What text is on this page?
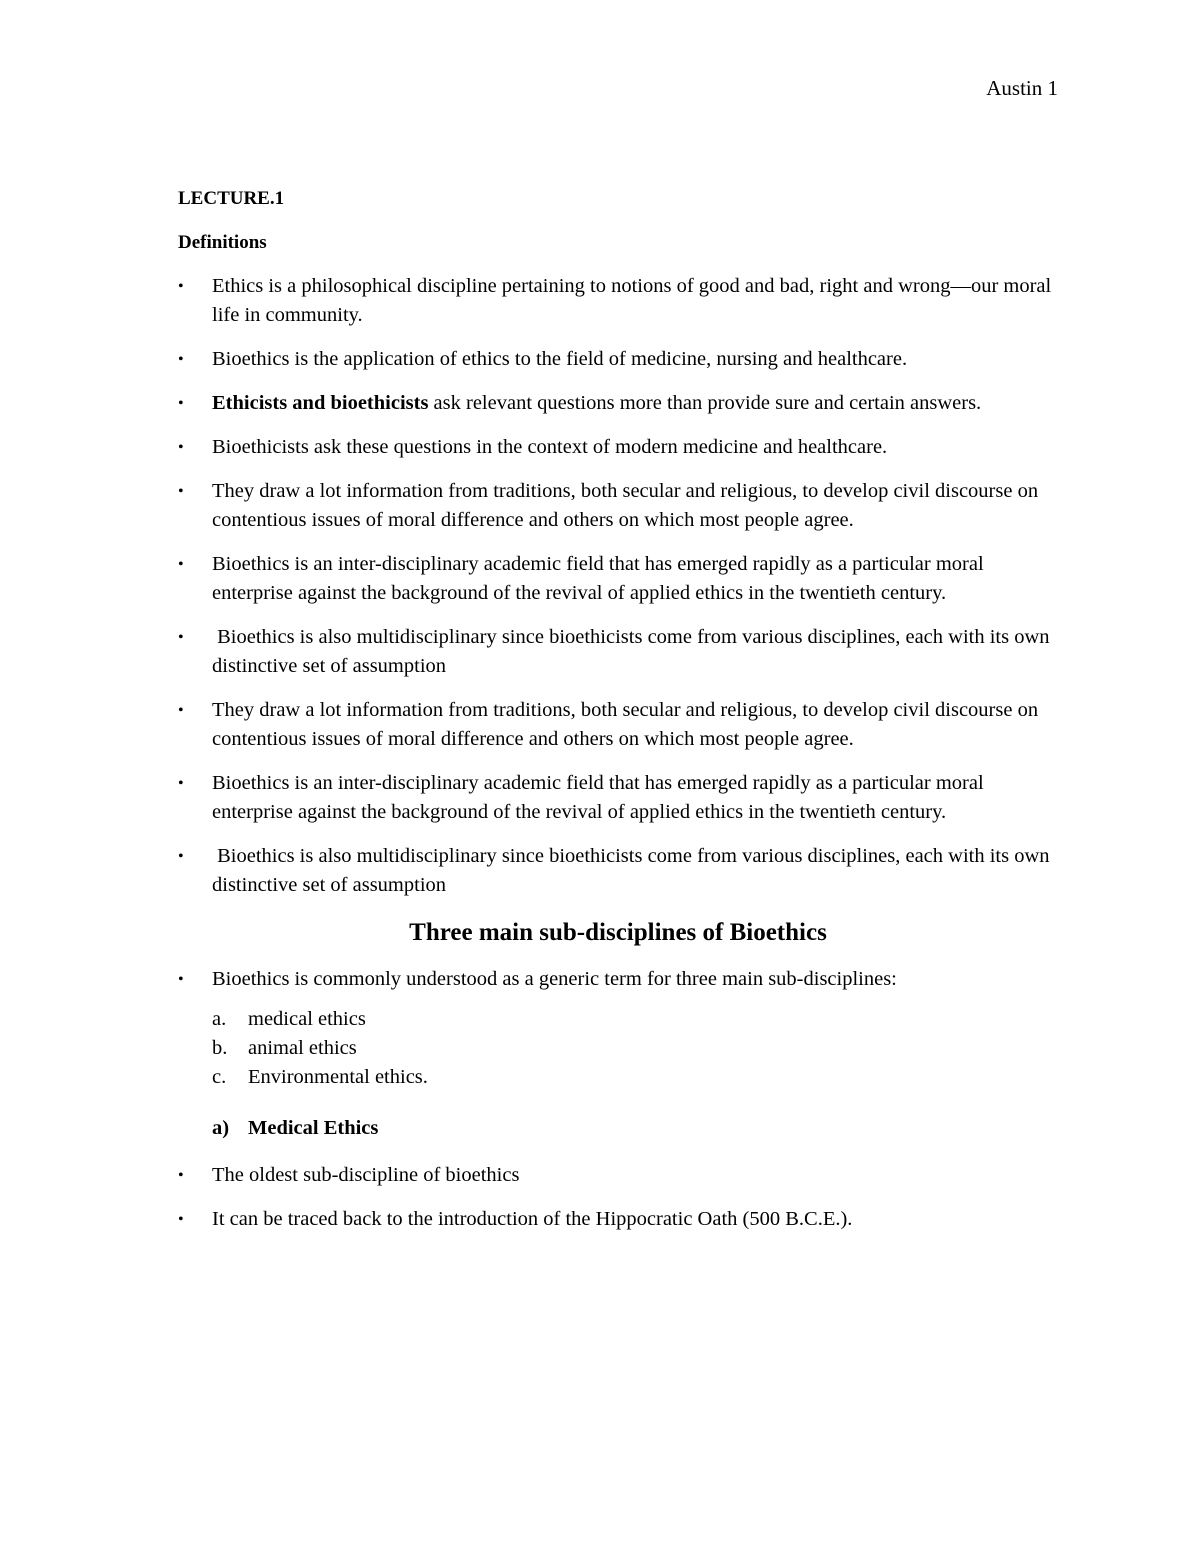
Austin 1
LECTURE.1
Definitions
• Ethics is a philosophical discipline pertaining to notions of good and bad, right and wrong—our moral life in community.
• Bioethics is the application of ethics to the field of medicine, nursing and healthcare.
• Ethicists and bioethicists ask relevant questions more than provide sure and certain answers.
• Bioethicists ask these questions in the context of modern medicine and healthcare.
• They draw a lot information from traditions, both secular and religious, to develop civil discourse on contentious issues of moral difference and others on which most people agree.
• Bioethics is an inter-disciplinary academic field that has emerged rapidly as a particular moral enterprise against the background of the revival of applied ethics in the twentieth century.
• Bioethics is also multidisciplinary since bioethicists come from various disciplines, each with its own distinctive set of assumption
• They draw a lot information from traditions, both secular and religious, to develop civil discourse on contentious issues of moral difference and others on which most people agree.
• Bioethics is an inter-disciplinary academic field that has emerged rapidly as a particular moral enterprise against the background of the revival of applied ethics in the twentieth century.
• Bioethics is also multidisciplinary since bioethicists come from various disciplines, each with its own distinctive set of assumption
Three main sub-disciplines of Bioethics
• Bioethics is commonly understood as a generic term for three main sub-disciplines:
a. medical ethics
b. animal ethics
c. Environmental ethics.
a) Medical Ethics
• The oldest sub-discipline of bioethics
• It can be traced back to the introduction of the Hippocratic Oath (500 B.C.E.).
